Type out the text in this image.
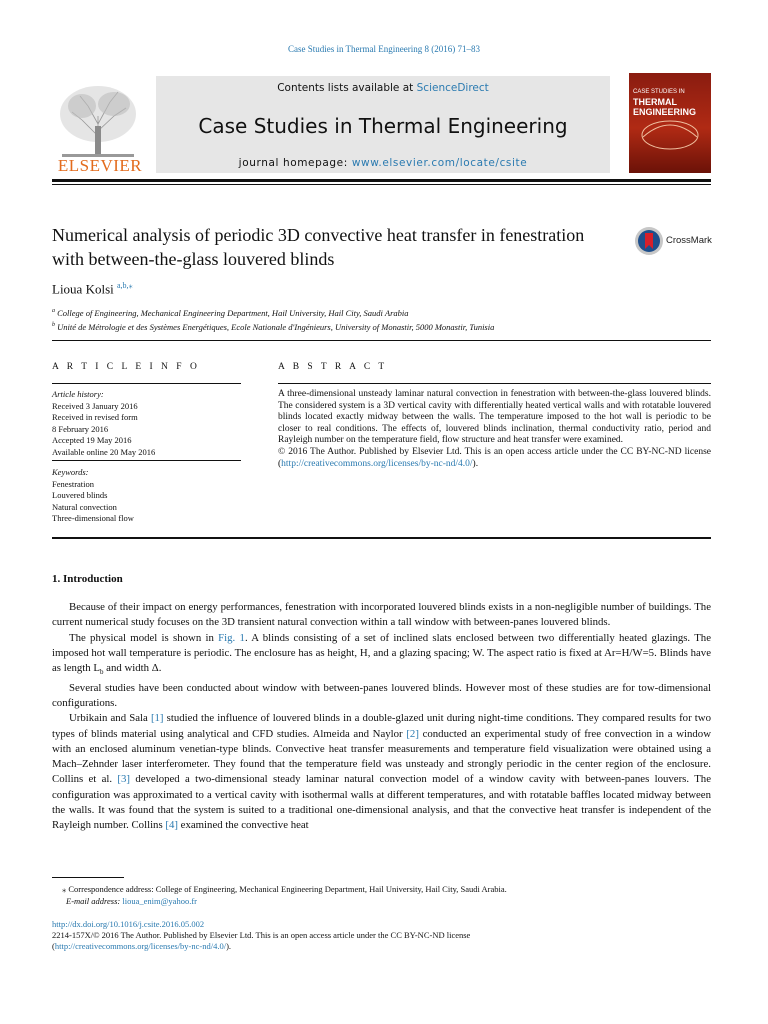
Case Studies in Thermal Engineering 8 (2016) 71–83
ELSEVIER
Contents lists available at ScienceDirect
Case Studies in Thermal Engineering
journal homepage: www.elsevier.com/locate/csite
CASE STUDIES IN
THERMAL
ENGINEERING
Numerical analysis of periodic 3D convective heat transfer in fenestration with between-the-glass louvered blinds
CrossMark
Lioua Kolsi $^{a,b,⁎}$
$^a$ College of Engineering, Mechanical Engineering Department, Hail University, Hail City, Saudi Arabia
$^b$ Unité de Métrologie et des Systèmes Energétiques, Ecole Nationale d'Ingénieurs, University of Monastir, 5000 Monastir, Tunisia
A R T I C L E I N F O	A B S T R A C T
Article history:
Received 3 January 2016
Received in revised form
8 February 2016
Accepted 19 May 2016
Available online 20 May 2016
Keywords:
Fenestration
Louvered blinds
Natural convection
Three-dimensional flow
A three-dimensional unsteady laminar natural convection in fenestration with between-the-glass louvered blinds. The considered system is a 3D vertical cavity with differentially heated vertical walls and with rotatable louvered blinds located exactly midway between the walls. The temperature imposed to the hot wall is periodic to be closer to real conditions. The effects of, louvered blinds inclination, thermal conductivity ratio, period and Rayleigh number on the temperature field, flow structure and heat transfer were examined.
© 2016 The Author. Published by Elsevier Ltd. This is an open access article under the CC BY-NC-ND license (http://creativecommons.org/licenses/by-nc-nd/4.0/).
1. Introduction

Because of their impact on energy performances, fenestration with incorporated louvered blinds exists in a non-negligible number of buildings. The current numerical study focuses on the 3D transient natural convection within a tall window with between-panes louvered blinds.

The physical model is shown in Fig. 1. A blinds consisting of a set of inclined slats enclosed between two differentially heated glazings. The imposed hot wall temperature is periodic. The enclosure has as height, H, and a glazing spacing; W. The aspect ratio is fixed at Ar=H/W=5. Blinds have as length $L_b$ and width Δ.

Several studies have been conducted about window with between-panes louvered blinds. However most of these studies are for tow-dimensional configurations.

Urbikain and Sala [1] studied the influence of louvered blinds in a double-glazed unit during night-time conditions. They compared results for two types of blinds material using analytical and CFD studies. Almeida and Naylor [2] conducted an experimental study of free convection in a window with an enclosed aluminum venetian-type blinds. Convective heat transfer measurements and temperature field visualization were obtained using a Mach–Zehnder laser interferometer. They found that the temperature field was unsteady and strongly periodic in the center region of the enclosure. Collins et al. [3] developed a two-dimensional steady laminar natural convection model of a window cavity with between-panes louvers. The configuration was approximated to a vertical cavity with isothermal walls at different temperatures, and with rotatable baffles located midway between the walls. It was found that the system is suited to a traditional one-dimensional analysis, and that the convective heat transfer is independent of the Rayleigh number. Collins [4] examined the convective heat

⁎ Correspondence address: College of Engineering, Mechanical Engineering Department, Hail University, Hail City, Saudi Arabia.
E-mail address: lioua_enim@yahoo.fr
http://dx.doi.org/10.1016/j.csite.2016.05.002
2214-157X/© 2016 The Author. Published by Elsevier Ltd. This is an open access article under the CC BY-NC-ND license
(http://creativecommons.org/licenses/by-nc-nd/4.0/).
